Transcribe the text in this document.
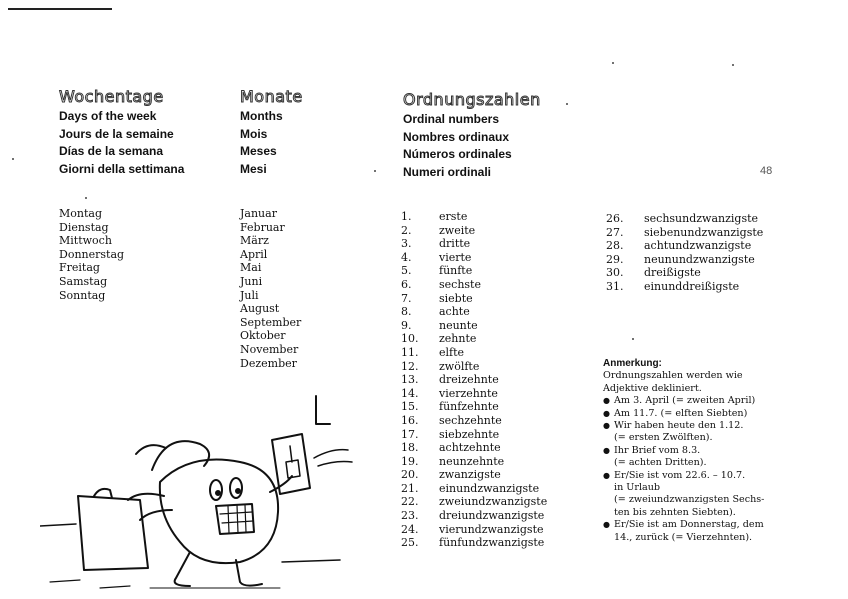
Wochentage
Days of the week
Jours de la semaine
Días de la semana
Giorni della settimana
Monate
Months
Mois
Meses
Mesi
Ordnungszahlen
Ordinal numbers
Nombres ordinaux
Números ordinales
Numeri ordinali	48
Montag
Dienstag
Mittwoch
Donnerstag
Freitag
Samstag
Sonntag
Januar
Februar
März
April
Mai
Juni
Juli
August
September
Oktober
November
Dezember
1.	erste
2.	zweite
3.	dritte
4.	vierte
5.	fünfte
6.	sechste
7.	siebte
8.	achte
9.	neunte
10.	zehnte
11.	elfte
12.	zwölfte
13.	dreizehnte
14.	vierzehnte
15.	fünfzehnte
16.	sechzehnte
17.	siebzehnte
18.	achtzehnte
19.	neunzehnte
20.	zwanzigste
21.	einundzwanzigste
22.	zweiundzwanzigste
23.	dreiundzwanzigste
24.	vierundzwanzigste
25.	fünfundzwanzigste
26.	sechsundzwanzigste
27.	siebenundzwanzigste
28.	achtundzwanzigste
29.	neunundzwanzigste
30.	dreißigste
31.	einunddreißigste
Anmerkung:
Ordnungszahlen werden wie
Adjektive dekliniert.
● Am 3. April (= zweiten April)
● Am 11.7. (= elften Siebten)
● Wir haben heute den 1.12.
(= ersten Zwölften).
● Ihr Brief vom 8.3.
(= achten Dritten).
● Er/Sie ist vom 22.6. – 10.7.
in Urlaub
(= zweiundzwanzigsten Sechs-
ten bis zehnten Siebten).
● Er/Sie ist am Donnerstag, dem
14., zurück (= Vierzehnten).
